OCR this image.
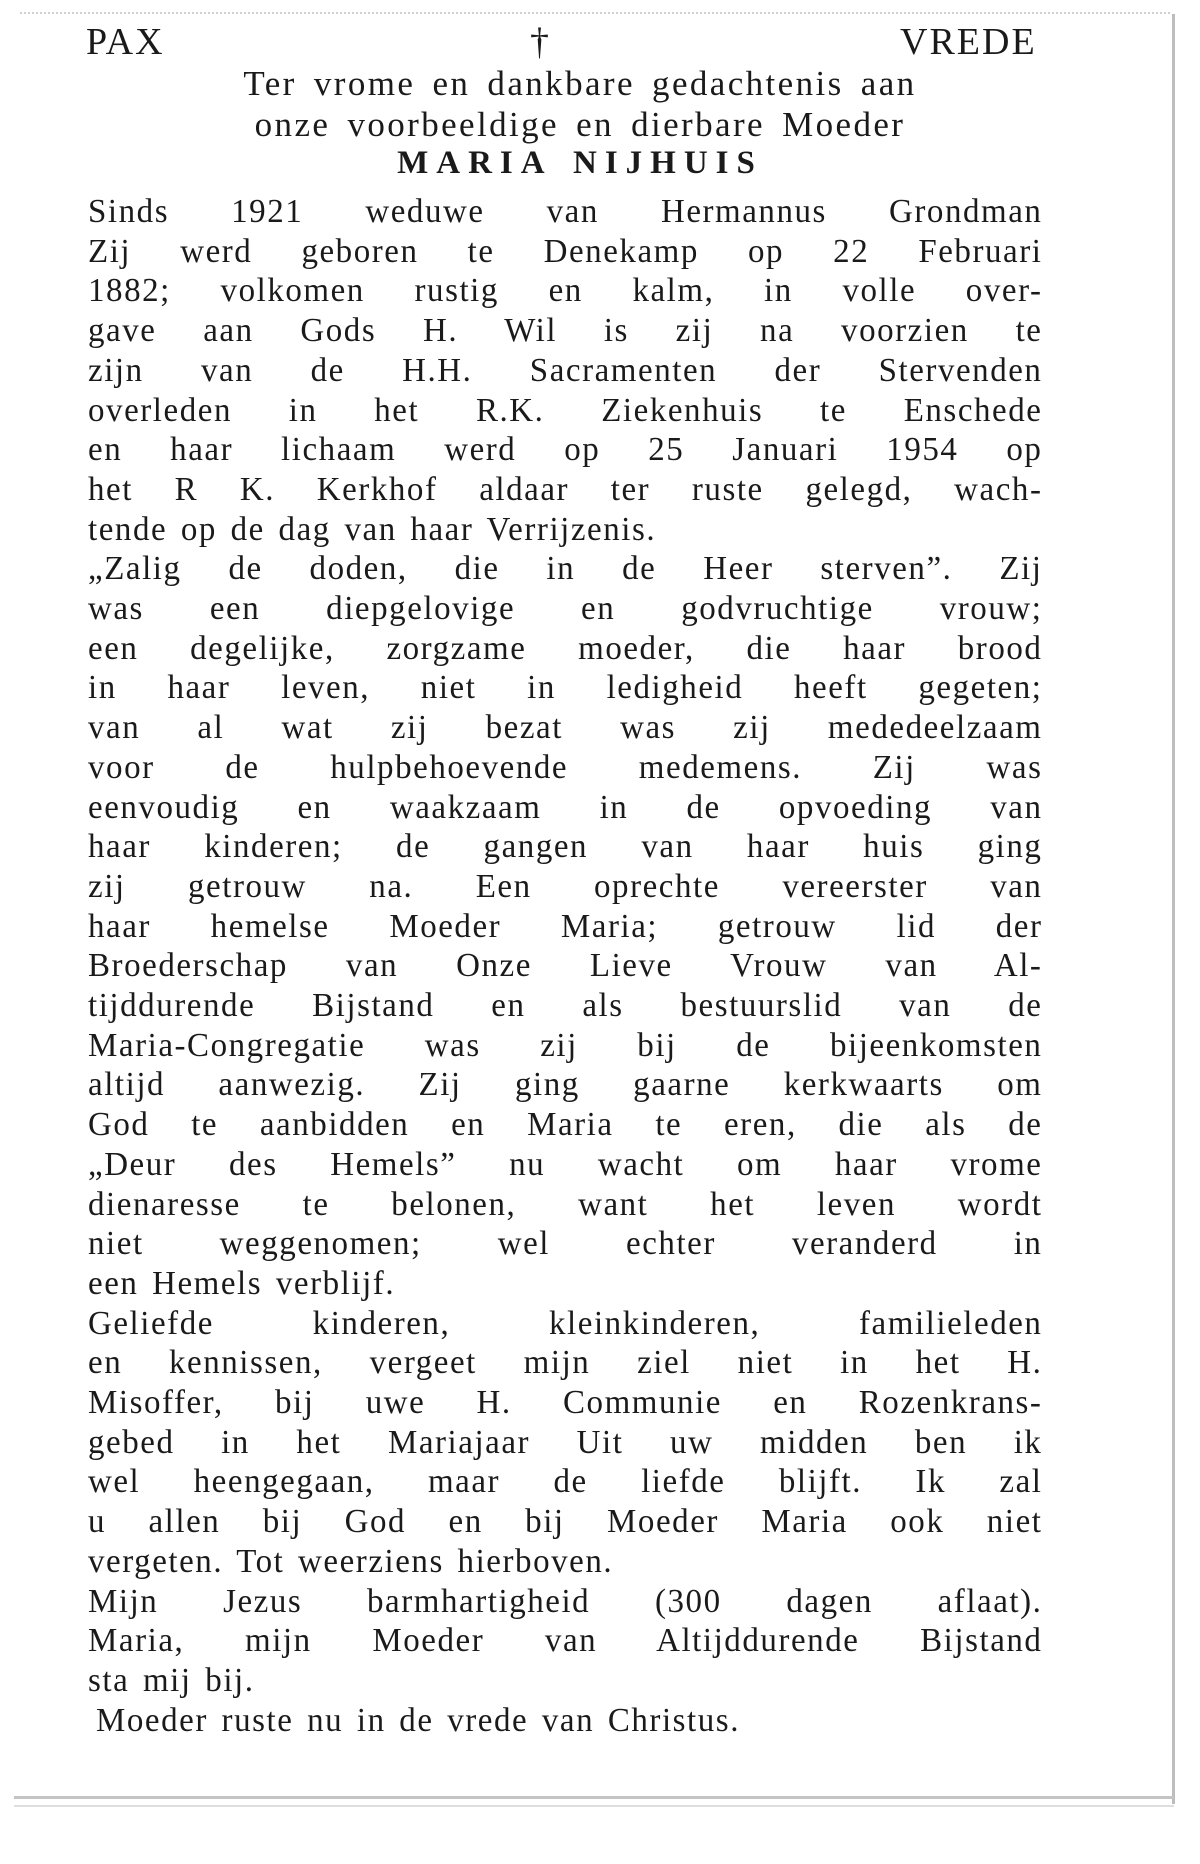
PAX	†	VREDE
Ter vrome en dankbare gedachtenis aan
onze voorbeeldige en dierbare Moeder
MARIA NIJHUIS
Sinds 1921 weduwe van Hermannus Grondman
Zij werd geboren te Denekamp op 22 Februari
1882; volkomen rustig en kalm, in volle over-
gave aan Gods H. Wil is zij na voorzien te
zijn van de H.H. Sacramenten der Stervenden
overleden in het R.K. Ziekenhuis te Enschede
en haar lichaam werd op 25 Januari 1954 op
het R K. Kerkhof aldaar ter ruste gelegd, wach-
tende op de dag van haar Verrijzenis.
„Zalig de doden, die in de Heer sterven”. Zij
was een diepgelovige en godvruchtige vrouw;
een degelijke, zorgzame moeder, die haar brood
in haar leven, niet in ledigheid heeft gegeten;
van al wat zij bezat was zij mededeelzaam
voor de hulpbehoevende medemens. Zij was
eenvoudig en waakzaam in de opvoeding van
haar kinderen; de gangen van haar huis ging
zij getrouw na. Een oprechte vereerster van
haar hemelse Moeder Maria; getrouw lid der
Broederschap van Onze Lieve Vrouw van Al-
tijddurende Bijstand en als bestuurslid van de
Maria-Congregatie was zij bij de bijeenkomsten
altijd aanwezig. Zij ging gaarne kerkwaarts om
God te aanbidden en Maria te eren, die als de
„Deur des Hemels” nu wacht om haar vrome
dienaresse te belonen, want het leven wordt
niet weggenomen; wel echter veranderd in
een Hemels verblijf.
Geliefde kinderen, kleinkinderen, familieleden
en kennissen, vergeet mijn ziel niet in het H.
Misoffer, bij uwe H. Communie en Rozenkrans-
gebed in het Mariajaar Uit uw midden ben ik
wel heengegaan, maar de liefde blijft. Ik zal
u allen bij God en bij Moeder Maria ook niet
vergeten. Tot weerziens hierboven.
Mijn Jezus barmhartigheid (300 dagen aflaat).
Maria, mijn Moeder van Altijddurende Bijstand
sta mij bij.
Moeder ruste nu in de vrede van Christus.
